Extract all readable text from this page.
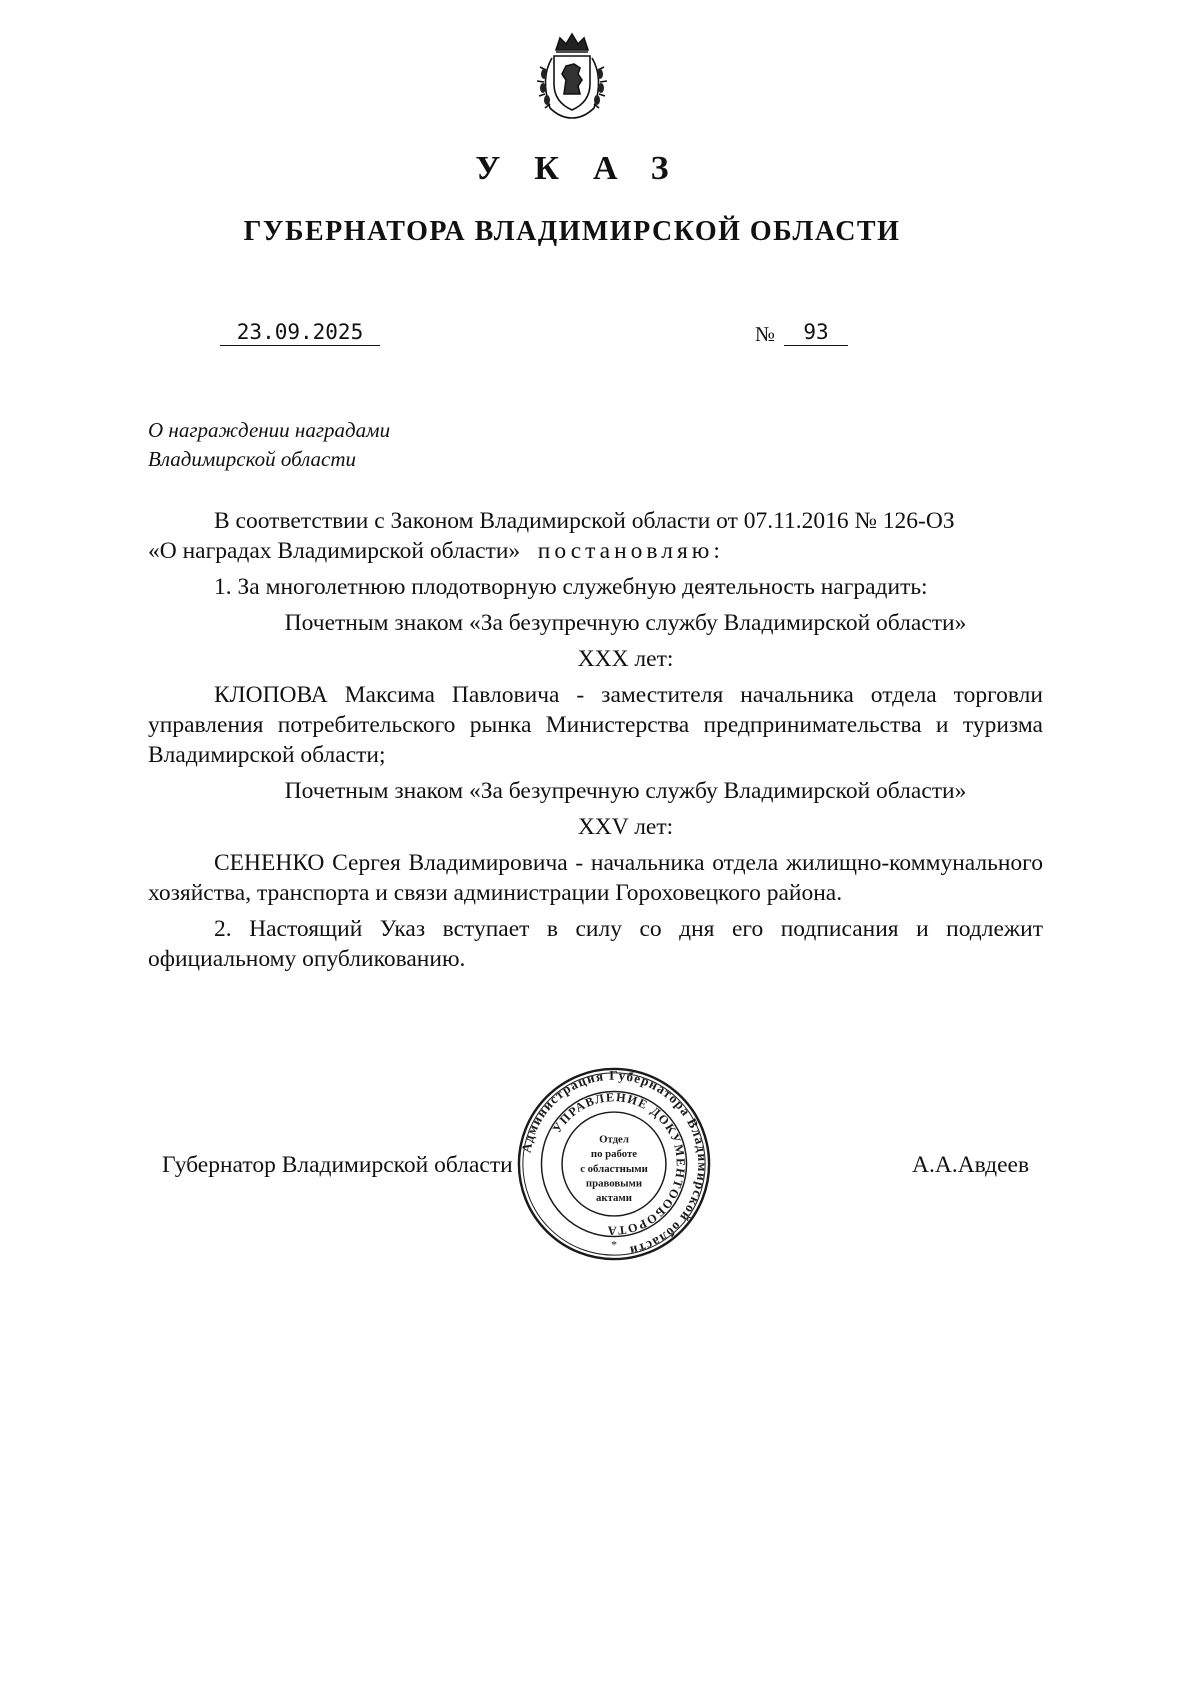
УКАЗ
ГУБЕРНАТОРА ВЛАДИМИРСКОЙ ОБЛАСТИ
23.09.2025	№	93
О награждении наградами
Владимирской области

В соответствии с Законом Владимирской области от 07.11.2016 № 126-ОЗ

«О наградах Владимирской области» постановляю:

1. За многолетнюю плодотворную служебную деятельность наградить:

Почетным знаком «За безупречную службу Владимирской области»

XXX лет:

КЛОПОВА Максима Павловича - заместителя начальника отдела торговли управления потребительского рынка Министерства предпринимательства и туризма Владимирской области;

Почетным знаком «За безупречную службу Владимирской области»

XXV лет:

СЕНЕНКО Сергея Владимировича - начальника отдела жилищно-коммунального хозяйства, транспорта и связи администрации Гороховецкого района.

2. Настоящий Указ вступает в силу со дня его подписания и подлежит официальному опубликованию.

Губернатор Владимирской области	А.А.Авдеев
Администрация Губернатора Владимирской области
УПРАВЛЕНИЕ ДОКУМЕНТООБОРОТА
Отдел
по работе
с областными
правовыми
актами
*
